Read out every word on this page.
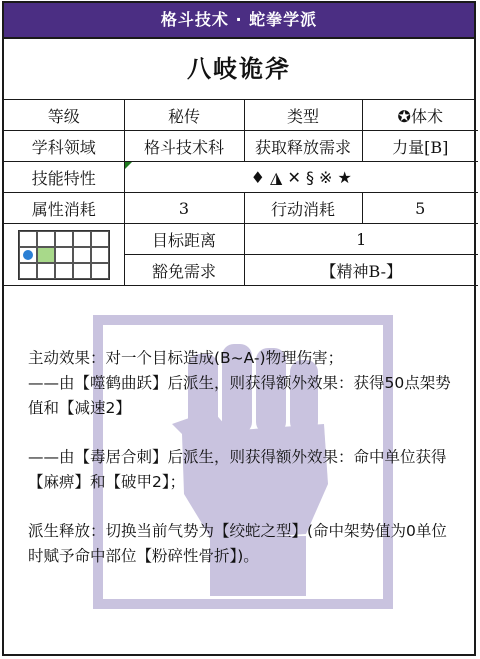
格斗技术 · 蛇拳学派
八岐诡斧
等级	秘传	类型	✪体术
学科领域	格斗技术科	获取释放需求	力量[B]
技能特性	♦ ◮ ✕ § ※ ★		
属性消耗	3	行动消耗	5

	目标距离	1	
	豁免需求	【精神B-】	

主动效果：对一个目标造成(B~A-)物理伤害；

——由【噬鹤曲跃】后派生，则获得额外效果：获得50点架势值和【减速2】

——由【毒居合刺】后派生，则获得额外效果：命中单位获得【麻痹】和【破甲2】；

派生释放：切换当前气势为【绞蛇之型】(命中架势值为0单位时赋予命中部位【粉碎性骨折】)。
